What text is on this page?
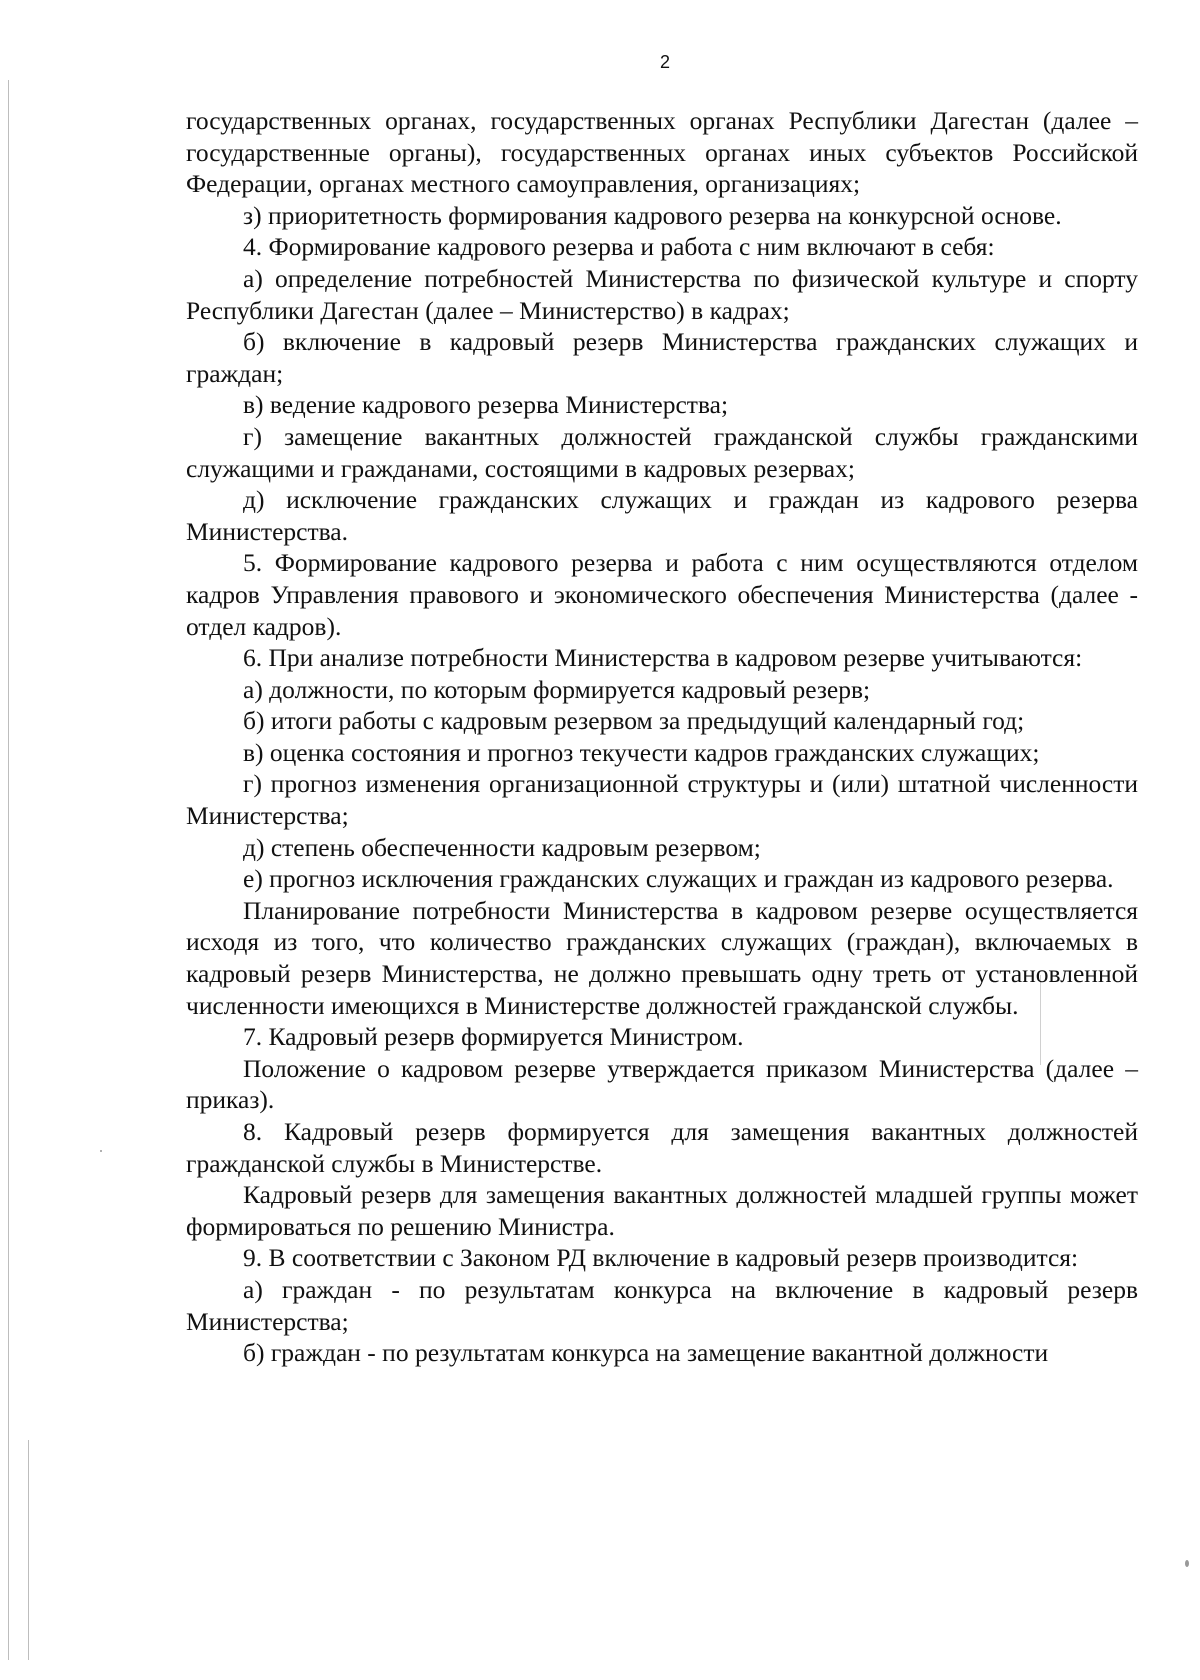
2

государственных органах, государственных органах Республики Дагестан (далее – государственные органы), государственных органах иных субъектов Российской Федерации, органах местного самоуправления, организациях;

з) приоритетность формирования кадрового резерва на конкурсной основе.

4. Формирование кадрового резерва и работа с ним включают в себя:

а) определение потребностей Министерства по физической культуре и спорту Республики Дагестан (далее – Министерство) в кадрах;

б) включение в кадровый резерв Министерства гражданских служащих и граждан;

в) ведение кадрового резерва Министерства;

г) замещение вакантных должностей гражданской службы гражданскими служащими и гражданами, состоящими в кадровых резервах;

д) исключение гражданских служащих и граждан из кадрового резерва Министерства.

5. Формирование кадрового резерва и работа с ним осуществляются отделом кадров Управления правового и экономического обеспечения Министерства (далее - отдел кадров).

6. При анализе потребности Министерства в кадровом резерве учитываются:

а) должности, по которым формируется кадровый резерв;

б) итоги работы с кадровым резервом за предыдущий календарный год;

в) оценка состояния и прогноз текучести кадров гражданских служащих;

г) прогноз изменения организационной структуры и (или) штатной численности Министерства;

д) степень обеспеченности кадровым резервом;

е) прогноз исключения гражданских служащих и граждан из кадрового резерва.

Планирование потребности Министерства в кадровом резерве осуществляется исходя из того, что количество гражданских служащих (граждан), включаемых в кадровый резерв Министерства, не должно превышать одну треть от установленной численности имеющихся в Министерстве должностей гражданской службы.

7. Кадровый резерв формируется Министром.

Положение о кадровом резерве утверждается приказом Министерства (далее – приказ).

8. Кадровый резерв формируется для замещения вакантных должностей гражданской службы в Министерстве.

Кадровый резерв для замещения вакантных должностей младшей группы может формироваться по решению Министра.

9. В соответствии с Законом РД включение в кадровый резерв производится:

а) граждан - по результатам конкурса на включение в кадровый резерв Министерства;

б) граждан - по результатам конкурса на замещение вакантной должности
